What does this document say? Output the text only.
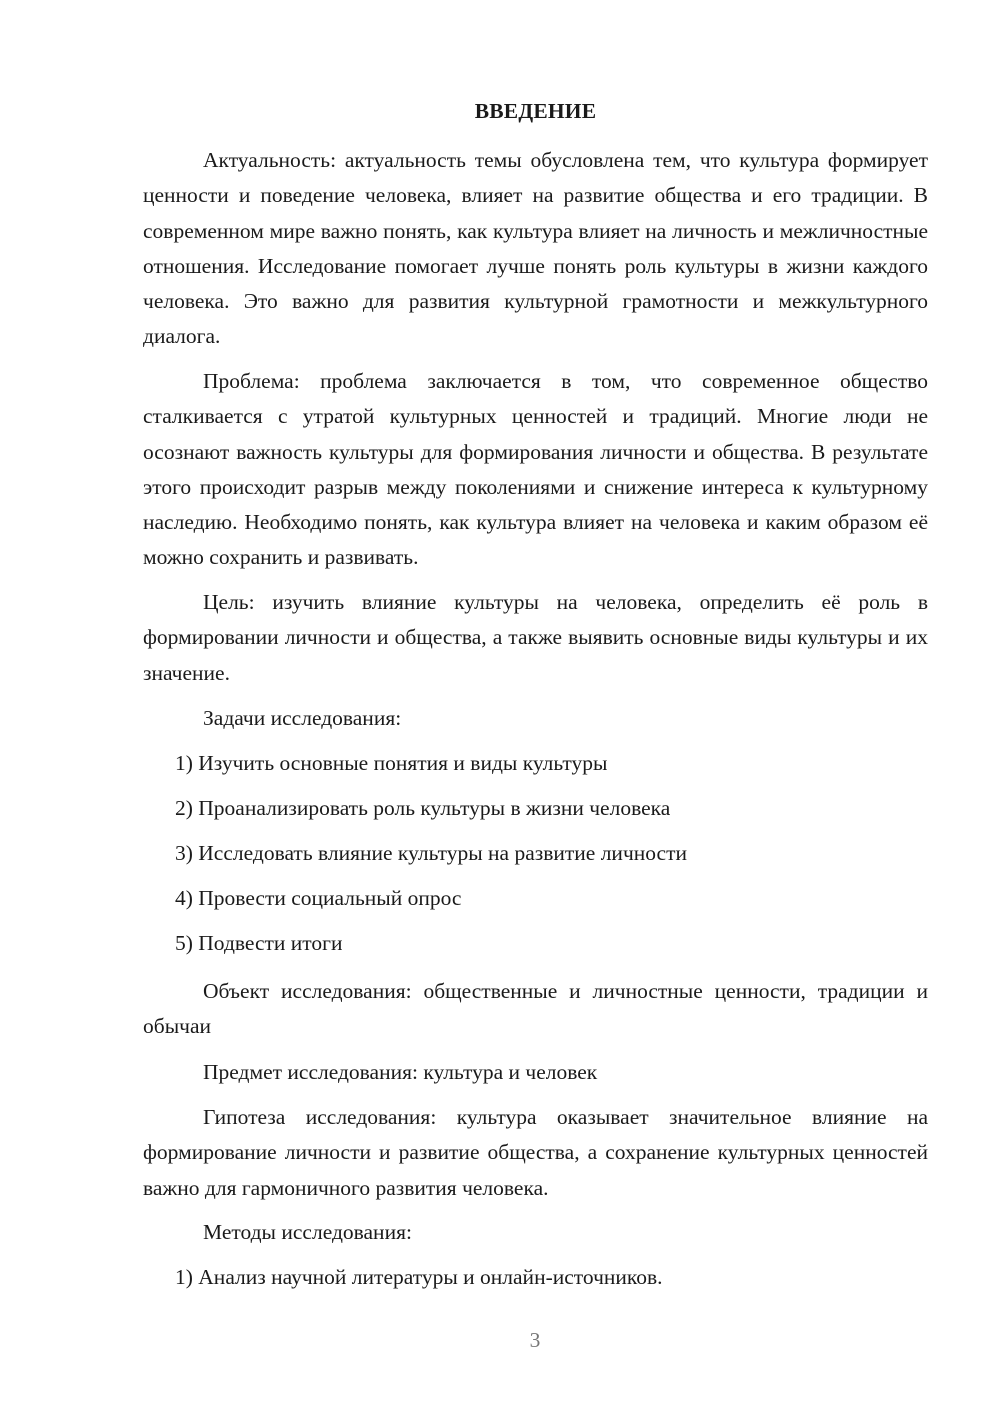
ВВЕДЕНИЕ

Актуальность: актуальность темы обусловлена тем, что культура формирует ценности и поведение человека, влияет на развитие общества и его традиции. В современном мире важно понять, как культура влияет на личность и межличностные отношения. Исследование помогает лучше понять роль культуры в жизни каждого человека. Это важно для развития культурной грамотности и межкультурного диалога.

Проблема: проблема заключается в том, что современное общество сталкивается с утратой культурных ценностей и традиций. Многие люди не осознают важность культуры для формирования личности и общества. В результате этого происходит разрыв между поколениями и снижение интереса к культурному наследию. Необходимо понять, как культура влияет на человека и каким образом её можно сохранить и развивать.

Цель: изучить влияние культуры на человека, определить её роль в формировании личности и общества, а также выявить основные виды культуры и их значение.

Задачи исследования:
1) Изучить основные понятия и виды культуры
2) Проанализировать роль культуры в жизни человека
3) Исследовать влияние культуры на развитие личности
4) Провести социальный опрос
5) Подвести итоги

Объект исследования: общественные и личностные ценности, традиции и обычаи

Предмет исследования: культура и человек

Гипотеза исследования: культура оказывает значительное влияние на формирование личности и развитие общества, а сохранение культурных ценностей важно для гармоничного развития человека.

Методы исследования:
1) Анализ научной литературы и онлайн-источников.
3
